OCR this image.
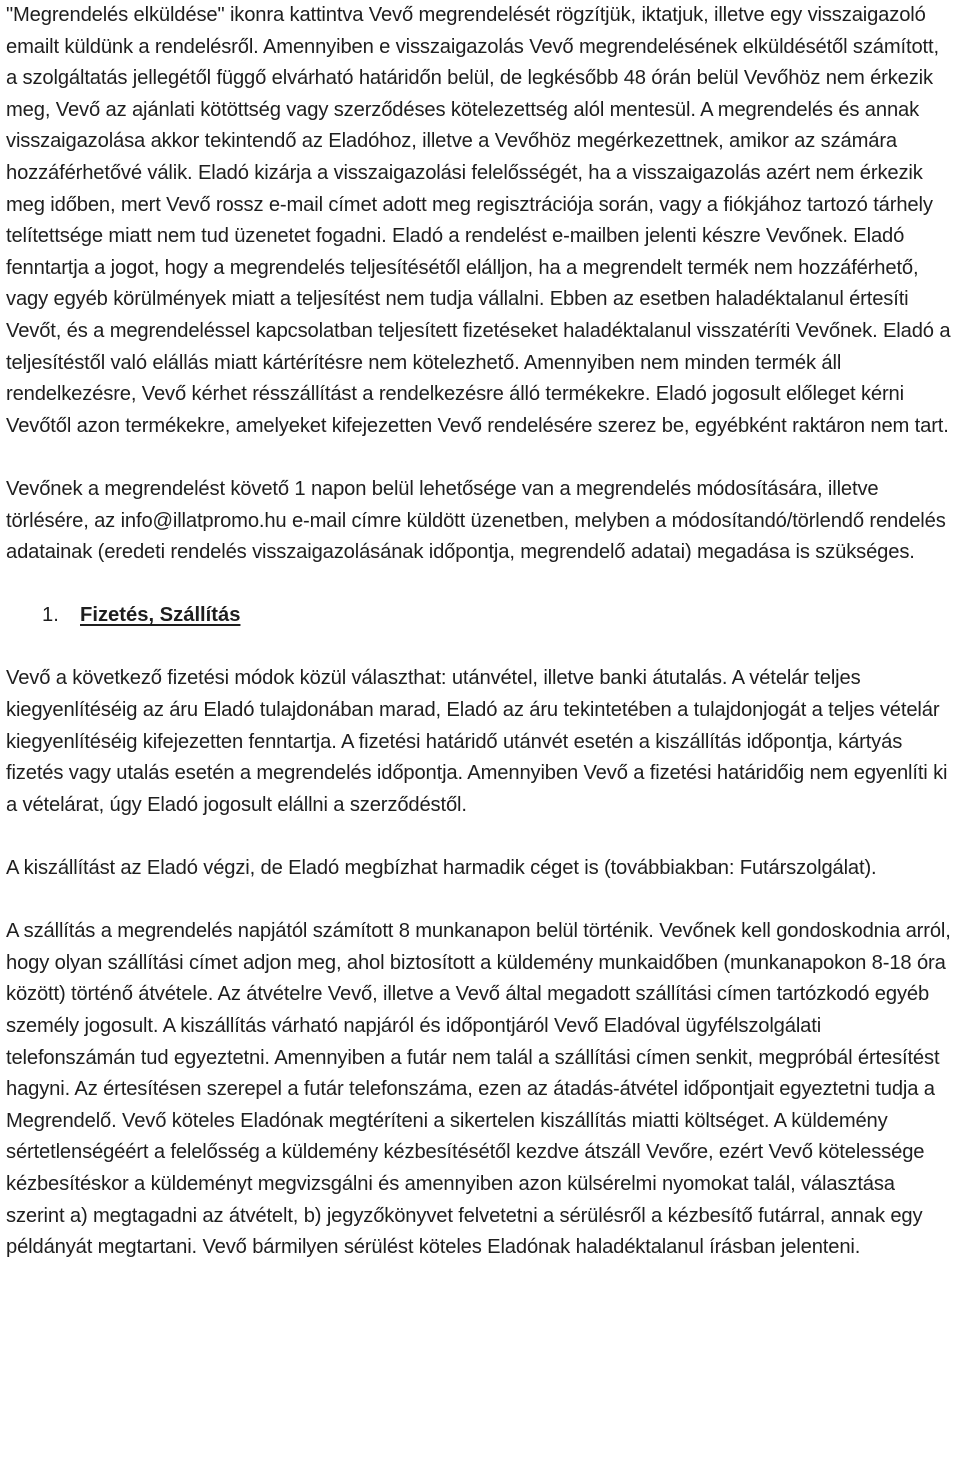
"Megrendelés elküldése" ikonra kattintva Vevő megrendelését rögzítjük, iktatjuk, illetve egy visszaigazoló emailt küldünk a rendelésről. Amennyiben e visszaigazolás Vevő megrendelésének elküldésétől számított, a szolgáltatás jellegétől függő elvárható határidőn belül, de legkésőbb 48 órán belül Vevőhöz nem érkezik meg, Vevő az ajánlati kötöttség vagy szerződéses kötelezettség alól mentesül. A megrendelés és annak visszaigazolása akkor tekintendő az Eladóhoz, illetve a Vevőhöz megérkezettnek, amikor az számára hozzáférhetővé válik. Eladó kizárja a visszaigazolási felelősségét, ha a visszaigazolás azért nem érkezik meg időben, mert Vevő rossz e-mail címet adott meg regisztrációja során, vagy a fiókjához tartozó tárhely telítettsége miatt nem tud üzenetet fogadni. Eladó a rendelést e-mailben jelenti készre Vevőnek. Eladó fenntartja a jogot, hogy a megrendelés teljesítésétől elálljon, ha a megrendelt termék nem hozzáférhető, vagy egyéb körülmények miatt a teljesítést nem tudja vállalni. Ebben az esetben haladéktalanul értesíti Vevőt, és a megrendeléssel kapcsolatban teljesített fizetéseket haladéktalanul visszatéríti Vevőnek. Eladó a teljesítéstől való elállás miatt kártérítésre nem kötelezhető. Amennyiben nem minden termék áll rendelkezésre, Vevő kérhet résszállítást a rendelkezésre álló termékekre. Eladó jogosult előleget kérni Vevőtől azon termékekre, amelyeket kifejezetten Vevő rendelésére szerez be, egyébként raktáron nem tart.

Vevőnek a megrendelést követő 1 napon belül lehetősége van a megrendelés módosítására, illetve törlésére, az info@illatpromo.hu e-mail címre küldött üzenetben, melyben a módosítandó/törlendő rendelés adatainak (eredeti rendelés visszaigazolásának időpontja, megrendelő adatai) megadása is szükséges.

1. Fizetés, Szállítás

Vevő a következő fizetési módok közül választhat: utánvétel, illetve banki átutalás. A vételár teljes kiegyenlítéséig az áru Eladó tulajdonában marad, Eladó az áru tekintetében a tulajdonjogát a teljes vételár kiegyenlítéséig kifejezetten fenntartja. A fizetési határidő utánvét esetén a kiszállítás időpontja, kártyás fizetés vagy utalás esetén a megrendelés időpontja. Amennyiben Vevő a fizetési határidőig nem egyenlíti ki a vételárat, úgy Eladó jogosult elállni a szerződéstől.

A kiszállítást az Eladó végzi, de Eladó megbízhat harmadik céget is (továbbiakban: Futárszolgálat).

A szállítás a megrendelés napjától számított 8 munkanapon belül történik. Vevőnek kell gondoskodnia arról, hogy olyan szállítási címet adjon meg, ahol biztosított a küldemény munkaidőben (munkanapokon 8-18 óra között) történő átvétele. Az átvételre Vevő, illetve a Vevő által megadott szállítási címen tartózkodó egyéb személy jogosult. A kiszállítás várható napjáról és időpontjáról Vevő Eladóval ügyfélszolgálati telefonszámán tud egyeztetni. Amennyiben a futár nem talál a szállítási címen senkit, megpróbál értesítést hagyni. Az értesítésen szerepel a futár telefonszáma, ezen az átadás-átvétel időpontjait egyeztetni tudja a Megrendelő. Vevő köteles Eladónak megtéríteni a sikertelen kiszállítás miatti költséget. A küldemény sértetlenségéért a felelősség a küldemény kézbesítésétől kezdve átszáll Vevőre, ezért Vevő kötelessége kézbesítéskor a küldeményt megvizsgálni és amennyiben azon külsérelmi nyomokat talál, választása szerint a) megtagadni az átvételt, b) jegyzőkönyvet felvetetni a sérülésről a kézbesítő futárral, annak egy példányát megtartani. Vevő bármilyen sérülést köteles Eladónak haladéktalanul írásban jelenteni.
